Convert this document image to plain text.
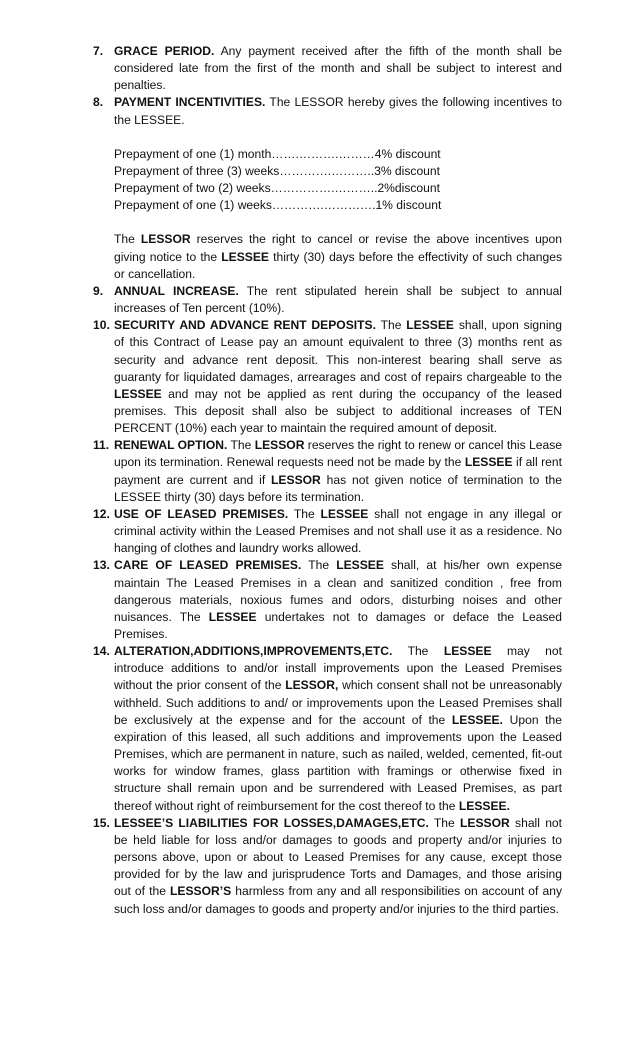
7. GRACE PERIOD. Any payment received after the fifth of the month shall be considered late from the first of the month and shall be subject to interest and penalties.

8. PAYMENT INCENTIVITIES. The LESSOR hereby gives the following incentives to the LESSEE.

Prepayment of one (1) month…….……….………4% discount
Prepayment of three (3) weeks………….………..3% discount
Prepayment of two (2) weeks…………….………..2%discount
Prepayment of one (1) weeks………….………….1% discount

The LESSOR reserves the right to cancel or revise the above incentives upon giving notice to the LESSEE thirty (30) days before the effectivity of such changes or cancellation.

9. ANNUAL INCREASE. The rent stipulated herein shall be subject to annual increases of Ten percent (10%).

10. SECURITY AND ADVANCE RENT DEPOSITS. The LESSEE shall, upon signing of this Contract of Lease pay an amount equivalent to three (3) months rent as security and advance rent deposit. This non-interest bearing shall serve as guaranty for liquidated damages, arrearages and cost of repairs chargeable to the LESSEE and may not be applied as rent during the occupancy of the leased premises. This deposit shall also be subject to additional increases of TEN PERCENT (10%) each year to maintain the required amount of deposit.

11. RENEWAL OPTION. The LESSOR reserves the right to renew or cancel this Lease upon its termination. Renewal requests need not be made by the LESSEE if all rent payment are current and if LESSOR has not given notice of termination to the LESSEE thirty (30) days before its termination.

12. USE OF LEASED PREMISES. The LESSEE shall not engage in any illegal or criminal activity within the Leased Premises and not shall use it as a residence. No hanging of clothes and laundry works allowed.

13. CARE OF LEASED PREMISES. The LESSEE shall, at his/her own expense maintain The Leased Premises in a clean and sanitized condition , free from dangerous materials, noxious fumes and odors, disturbing noises and other nuisances. The LESSEE undertakes not to damages or deface the Leased Premises.

14. ALTERATION,ADDITIONS,IMPROVEMENTS,ETC. The LESSEE may not introduce additions to and/or install improvements upon the Leased Premises without the prior consent of the LESSOR, which consent shall not be unreasonably withheld. Such additions to and/ or improvements upon the Leased Premises shall be exclusively at the expense and for the account of the LESSEE. Upon the expiration of this leased, all such additions and improvements upon the Leased Premises, which are permanent in nature, such as nailed, welded, cemented, fit-out works for window frames, glass partition with framings or otherwise fixed in structure shall remain upon and be surrendered with Leased Premises, as part thereof without right of reimbursement for the cost thereof to the LESSEE.

15. LESSEE’S LIABILITIES FOR LOSSES,DAMAGES,ETC. The LESSOR shall not be held liable for loss and/or damages to goods and property and/or injuries to persons above, upon or about to Leased Premises for any cause, except those provided for by the law and jurisprudence Torts and Damages, and those arising out of the LESSOR’S harmless from any and all responsibilities on account of any such loss and/or damages to goods and property and/or injuries to the third parties.
